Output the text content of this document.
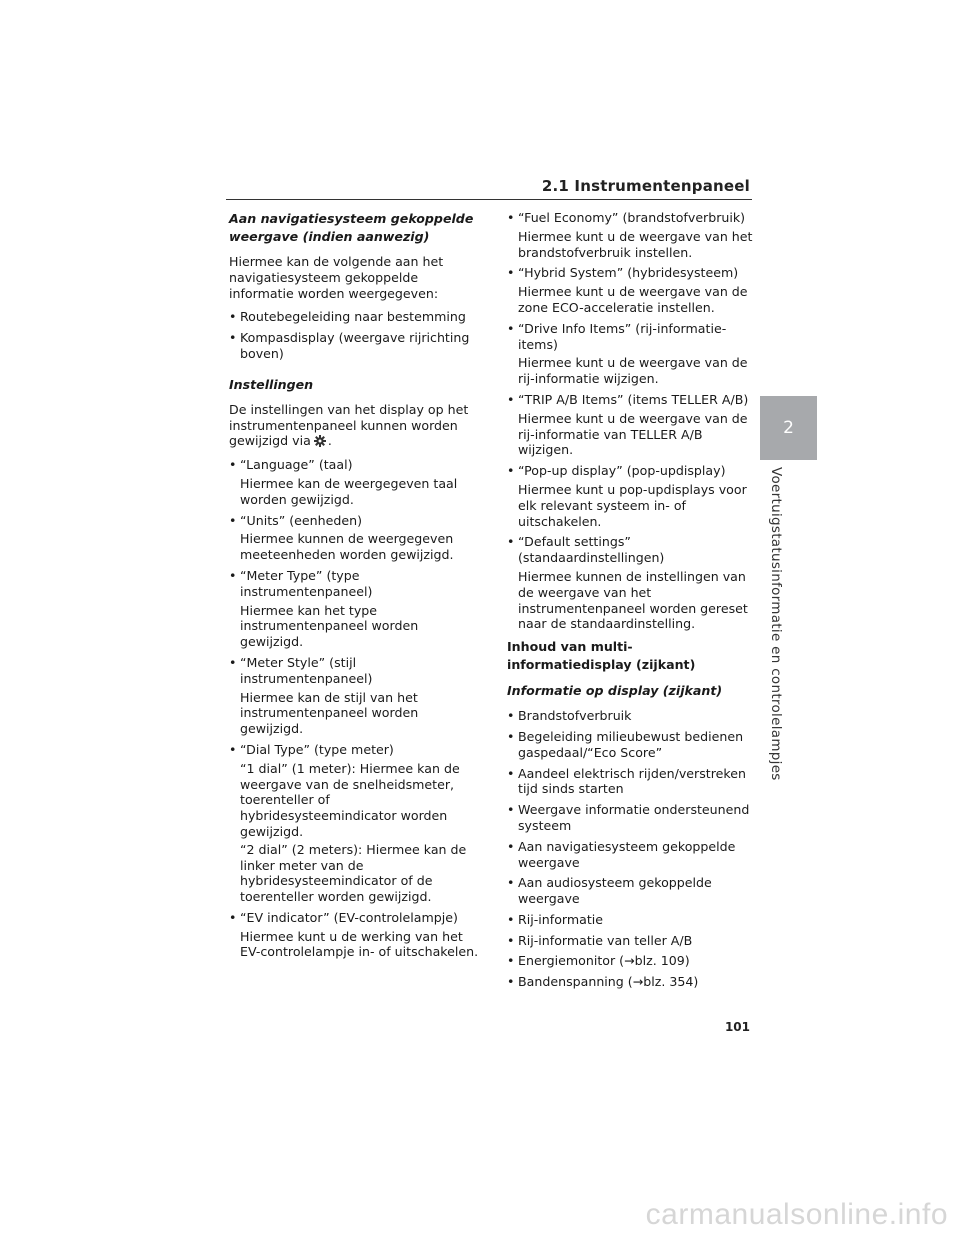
2.1 Instrumentenpaneel
Aan navigatiesysteem gekoppelde weergave (indien aanwezig)
Hiermee kan de volgende aan het navigatiesysteem gekoppelde informatie worden weergegeven:
• Routebegeleiding naar bestemming
• Kompasdisplay (weergave rijrichting boven)
Instellingen
De instellingen van het display op het instrumentenpaneel kunnen worden gewijzigd via .
• “Language” (taal)
Hiermee kan de weergegeven taal worden gewijzigd.
• “Units” (eenheden)
Hiermee kunnen de weergegeven meeteenheden worden gewijzigd.
• “Meter Type” (type instrumentenpaneel)
Hiermee kan het type instrumentenpaneel worden gewijzigd.
• “Meter Style” (stijl instrumentenpaneel)
Hiermee kan de stijl van het instrumentenpaneel worden gewijzigd.
• “Dial Type” (type meter)
“1 dial” (1 meter): Hiermee kan de weergave van de snelheidsmeter, toerenteller of hybridesysteemindicator worden gewijzigd.
“2 dial” (2 meters): Hiermee kan de linker meter van de hybridesysteemindicator of de toerenteller worden gewijzigd.
• “EV indicator” (EV-controlelampje)
Hiermee kunt u de werking van het EV-controlelampje in- of uitschakelen.
• “Fuel Economy” (brandstofverbruik)
Hiermee kunt u de weergave van het brandstofverbruik instellen.
• “Hybrid System” (hybridesysteem)
Hiermee kunt u de weergave van de zone ECO-acceleratie instellen.
• “Drive Info Items” (rij-informatie-items)
Hiermee kunt u de weergave van de rij-informatie wijzigen.
• “TRIP A/B Items” (items TELLER A/B)
Hiermee kunt u de weergave van de rij-informatie van TELLER A/B wijzigen.
• “Pop-up display” (pop-updisplay)
Hiermee kunt u pop-updisplays voor elk relevant systeem in- of uitschakelen.
• “Default settings” (standaardinstellingen)
Hiermee kunnen de instellingen van de weergave van het instrumentenpaneel worden gereset naar de standaardinstelling.
Inhoud van multi-informatiedisplay (zijkant)
Informatie op display (zijkant)
• Brandstofverbruik
• Begeleiding milieubewust bedienen gaspedaal/“Eco Score”
• Aandeel elektrisch rijden/verstreken tijd sinds starten
• Weergave informatie ondersteunend systeem
• Aan navigatiesysteem gekoppelde weergave
• Aan audiosysteem gekoppelde weergave
• Rij-informatie
• Rij-informatie van teller A/B
• Energiemonitor (→blz. 109)
• Bandenspanning (→blz. 354)
2
Voertuigstatusinformatie en controlelampjes
101
carmanualsonline.info
